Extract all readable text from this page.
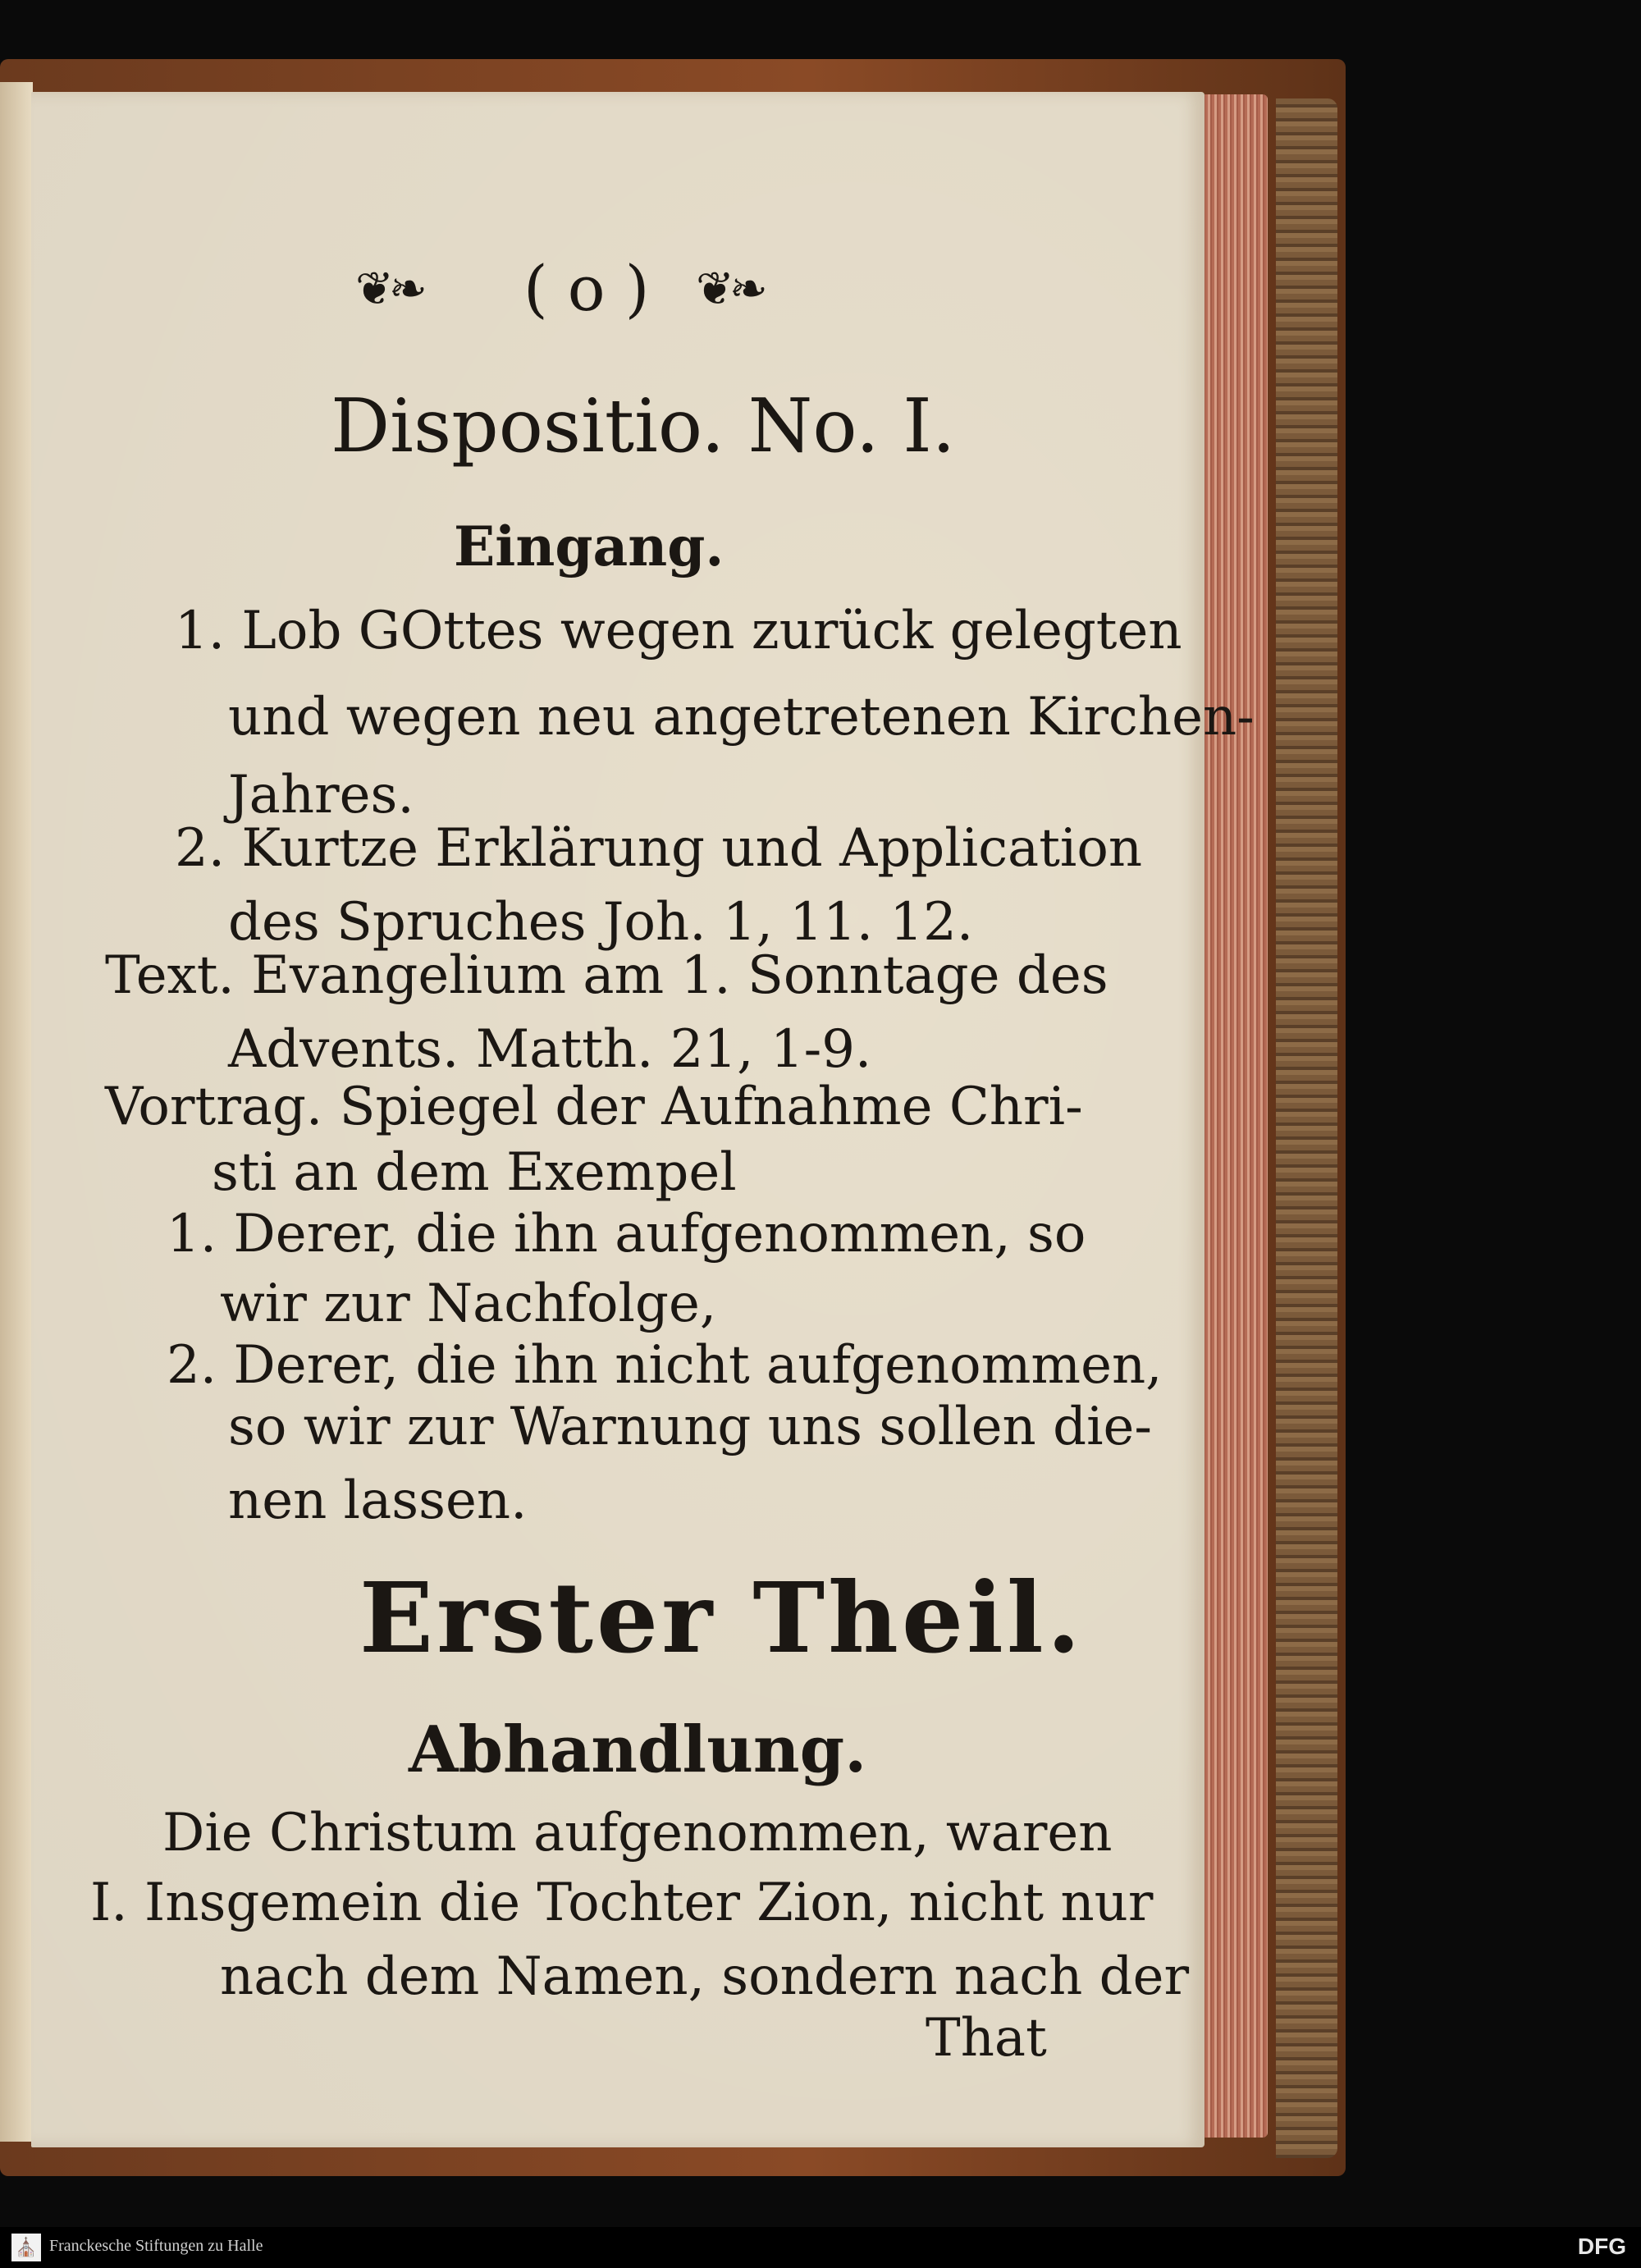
❦❧ ( o ) ❦❧
Dispositio. No. I.
Eingang.
1. Lob GOttes wegen zurück gelegten
und wegen neu angetretenen Kirchen-
Jahres.
2. Kurtze Erklärung und Application
des Spruches Joh. 1, 11. 12.
Text. Evangelium am 1. Sonntage des
Advents. Matth. 21, 1-9.
Vortrag. Spiegel der Aufnahme Chri-
sti an dem Exempel
1. Derer, die ihn aufgenommen, so
wir zur Nachfolge,
2. Derer, die ihn nicht aufgenommen,
so wir zur Warnung uns sollen die-
nen lassen.
Erster Theil.
Abhandlung.
Die Christum aufgenommen, waren
I. Insgemein die Tochter Zion, nicht nur
nach dem Namen, sondern nach der
That
⛪ Franckesche Stiftungen zu Halle	DFG
